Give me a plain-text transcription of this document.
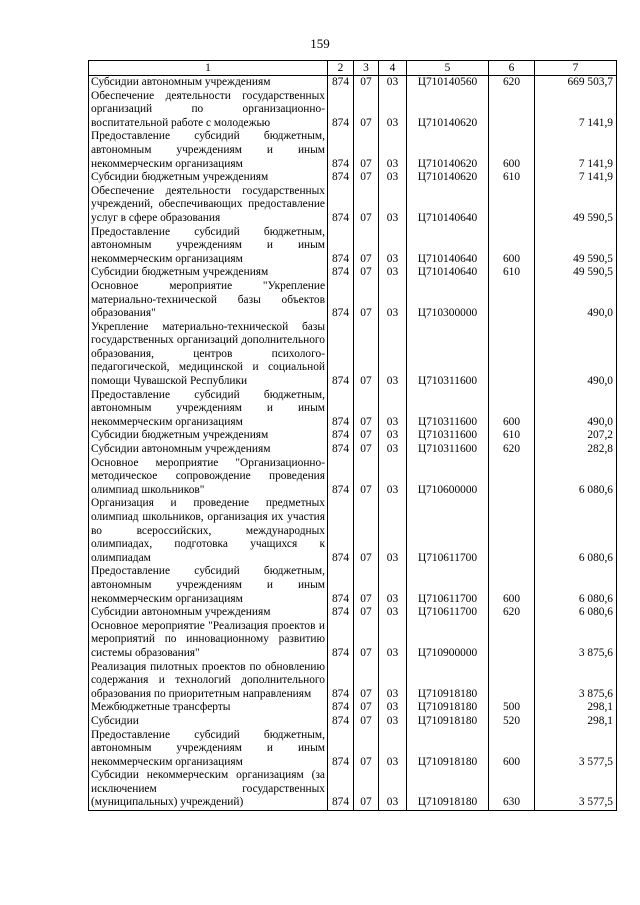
159
1	2	3	4	5	6	7
Субсидии автономным учреждениям	874	07	03	Ц710140560	620	669 503,7
Обеспечение деятельности государственных организаций по организационно-воспитательной работе с молодежью	874	07	03	Ц710140620		7 141,9
Предоставление субсидий бюджетным, автономным учреждениям и иным некоммерческим организациям	874	07	03	Ц710140620	600	7 141,9
Субсидии бюджетным учреждениям	874	07	03	Ц710140620	610	7 141,9
Обеспечение деятельности государственных учреждений, обеспечивающих предоставление услуг в сфере образования	874	07	03	Ц710140640		49 590,5
Предоставление субсидий бюджетным, автономным учреждениям и иным некоммерческим организациям	874	07	03	Ц710140640	600	49 590,5
Субсидии бюджетным учреждениям	874	07	03	Ц710140640	610	49 590,5
Основное мероприятие "Укрепление материально-технической базы объектов образования"	874	07	03	Ц710300000		490,0
Укрепление материально-технической базы государственных организаций дополнительного образования, центров психолого-педагогической, медицинской и социальной помощи Чувашской Республики	874	07	03	Ц710311600		490,0
Предоставление субсидий бюджетным, автономным учреждениям и иным некоммерческим организациям	874	07	03	Ц710311600	600	490,0
Субсидии бюджетным учреждениям	874	07	03	Ц710311600	610	207,2
Субсидии автономным учреждениям	874	07	03	Ц710311600	620	282,8
Основное мероприятие "Организационно-методическое сопровождение проведения олимпиад школьников"	874	07	03	Ц710600000		6 080,6
Организация и проведение предметных олимпиад школьников, организация их участия во всероссийских, международных олимпиадах, подготовка учащихся к олимпиадам	874	07	03	Ц710611700		6 080,6
Предоставление субсидий бюджетным, автономным учреждениям и иным некоммерческим организациям	874	07	03	Ц710611700	600	6 080,6
Субсидии автономным учреждениям	874	07	03	Ц710611700	620	6 080,6
Основное мероприятие "Реализация проектов и мероприятий по инновационному развитию системы образования"	874	07	03	Ц710900000		3 875,6
Реализация пилотных проектов по обновлению содержания и технологий дополнительного образования по приоритетным направлениям	874	07	03	Ц710918180		3 875,6
Межбюджетные трансферты	874	07	03	Ц710918180	500	298,1
Субсидии	874	07	03	Ц710918180	520	298,1
Предоставление субсидий бюджетным, автономным учреждениям и иным некоммерческим организациям	874	07	03	Ц710918180	600	3 577,5
Субсидии некоммерческим организациям (за исключением государственных (муниципальных) учреждений)	874	07	03	Ц710918180	630	3 577,5
